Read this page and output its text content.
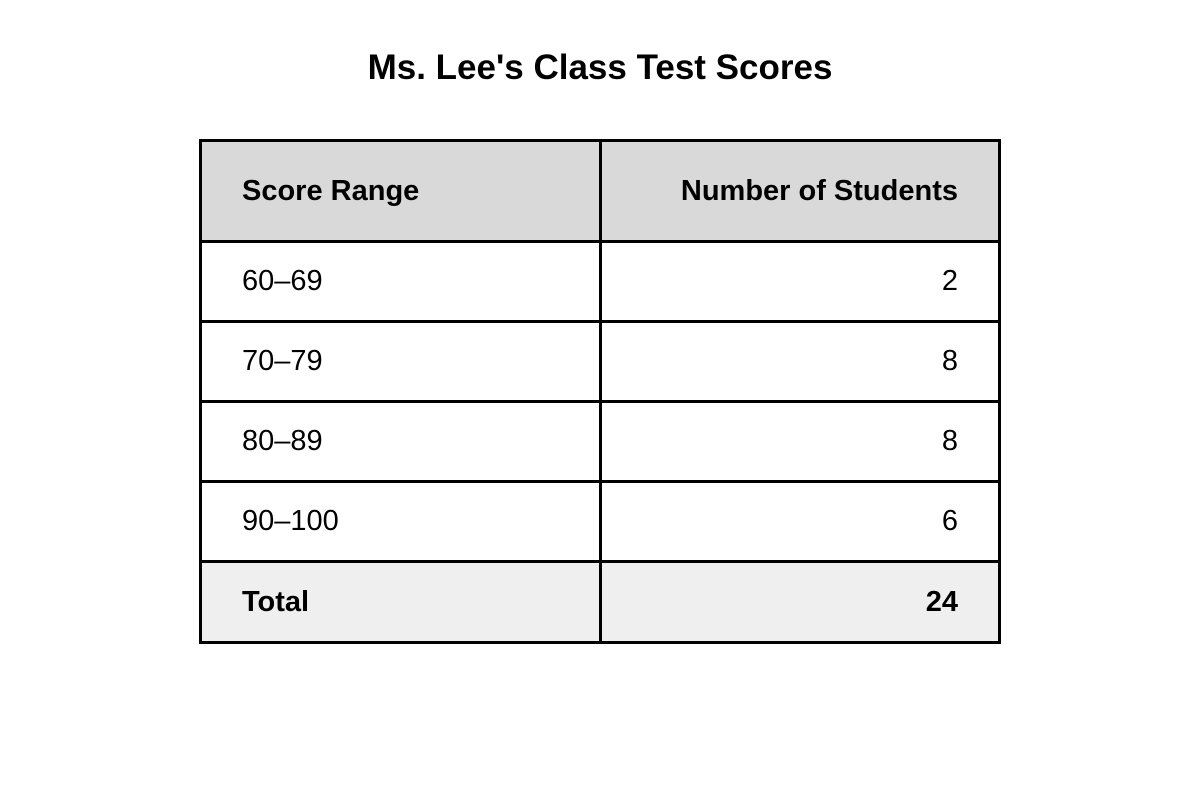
Ms. Lee's Class Test Scores
Score Range	Number of Students
60–69	2
70–79	8
80–89	8
90–100	6
Total	24
